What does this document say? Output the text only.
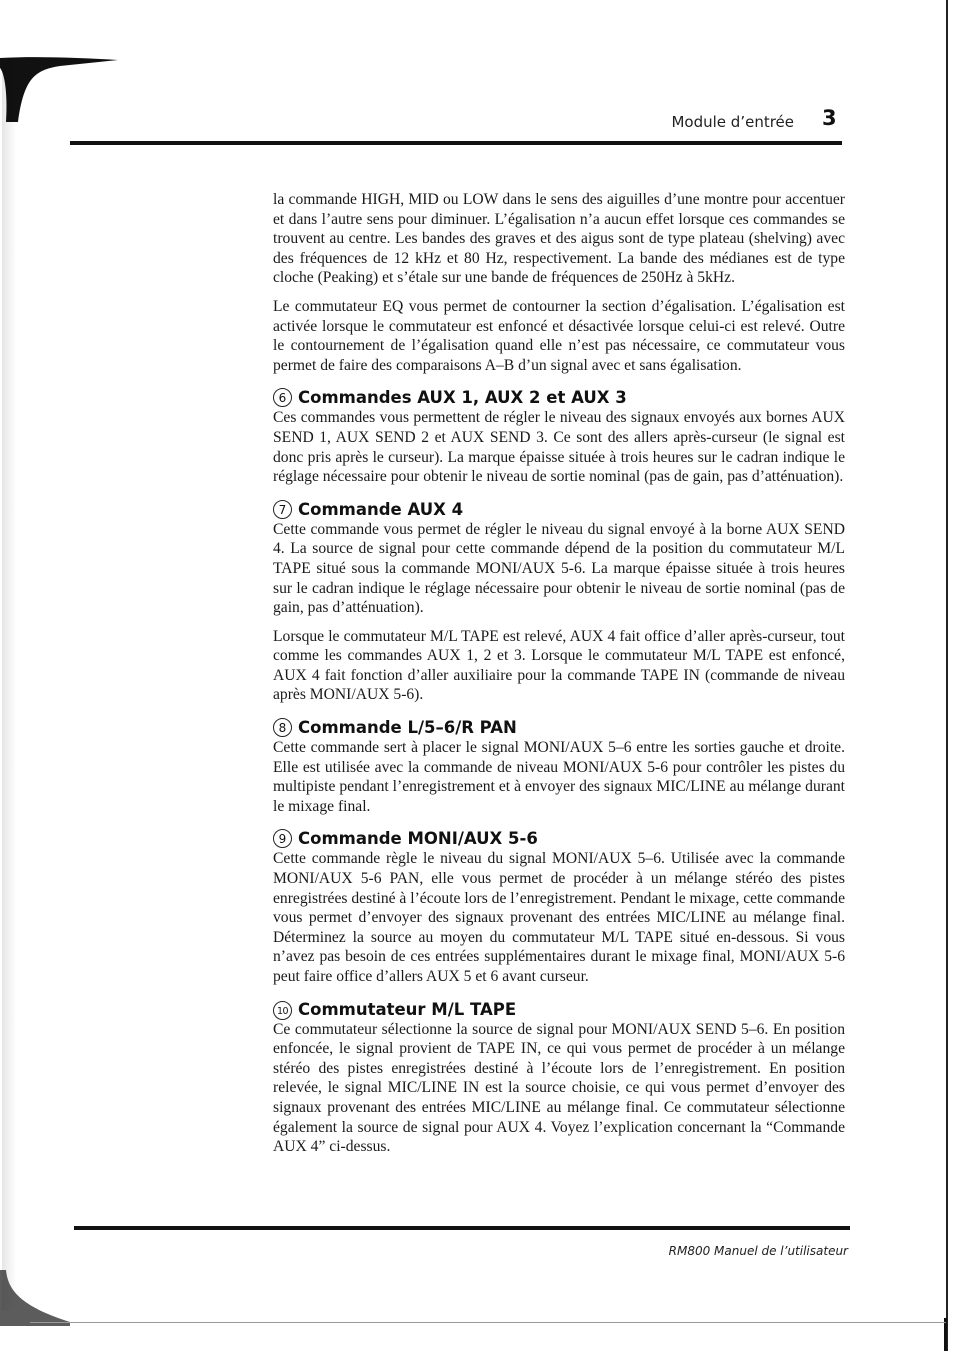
Module d’entrée 3

la commande HIGH, MID ou LOW dans le sens des aiguilles d’une montre pour accentuer et dans l’autre sens pour diminuer. L’égalisation n’a aucun effet lorsque ces commandes se trouvent au centre. Les bandes des graves et des aigus sont de type plateau (shelving) avec des fréquences de 12 kHz et 80 Hz, respectivement. La bande des médianes est de type cloche (Peaking) et s’étale sur une bande de fréquences de 250Hz à 5kHz.

Le commutateur EQ vous permet de contourner la section d’égalisation. L’égalisation est activée lorsque le commutateur est enfoncé et désactivée lorsque celui-ci est relevé. Outre le contournement de l’égalisation quand elle n’est pas nécessaire, ce commutateur vous permet de faire des comparaisons A–B d’un signal avec et sans égalisation.

6 Commandes AUX 1, AUX 2 et AUX 3

Ces commandes vous permettent de régler le niveau des signaux envoyés aux bornes AUX SEND 1, AUX SEND 2 et AUX SEND 3. Ce sont des allers après-curseur (le signal est donc pris après le curseur). La marque épaisse située à trois heures sur le cadran indique le réglage nécessaire pour obtenir le niveau de sortie nominal (pas de gain, pas d’atténuation).

7 Commande AUX 4

Cette commande vous permet de régler le niveau du signal envoyé à la borne AUX SEND 4. La source de signal pour cette commande dépend de la position du commutateur M/L TAPE situé sous la commande MONI/AUX 5-6. La marque épaisse située à trois heures sur le cadran indique le réglage nécessaire pour obtenir le niveau de sortie nominal (pas de gain, pas d’atténuation).

Lorsque le commutateur M/L TAPE est relevé, AUX 4 fait office d’aller après-curseur, tout comme les commandes AUX 1, 2 et 3. Lorsque le commutateur M/L TAPE est enfoncé, AUX 4 fait fonction d’aller auxiliaire pour la commande TAPE IN (commande de niveau après MONI/AUX 5-6).

8 Commande L/5–6/R PAN

Cette commande sert à placer le signal MONI/AUX 5–6 entre les sorties gauche et droite. Elle est utilisée avec la commande de niveau MONI/AUX 5-6 pour contrôler les pistes du multipiste pendant l’enregistrement et à envoyer des signaux MIC/LINE au mélange durant le mixage final.

9 Commande MONI/AUX 5-6

Cette commande règle le niveau du signal MONI/AUX 5–6. Utilisée avec la commande MONI/AUX 5-6 PAN, elle vous permet de procéder à un mélange stéréo des pistes enregistrées destiné à l’écoute lors de l’enregistrement. Pendant le mixage, cette commande vous permet d’envoyer des signaux provenant des entrées MIC/LINE au mélange final. Déterminez la source au moyen du commutateur M/L TAPE situé en-dessous. Si vous n’avez pas besoin de ces entrées supplémentaires durant le mixage final, MONI/AUX 5-6 peut faire office d’allers AUX 5 et 6 avant curseur.

10 Commutateur M/L TAPE

Ce commutateur sélectionne la source de signal pour MONI/AUX SEND 5–6. En position enfoncée, le signal provient de TAPE IN, ce qui vous permet de procéder à un mélange stéréo des pistes enregistrées destiné à l’écoute lors de l’enregistrement. En position relevée, le signal MIC/LINE IN est la source choisie, ce qui vous permet d’envoyer des signaux provenant des entrées MIC/LINE au mélange final. Ce commutateur sélectionne également la source de signal pour AUX 4. Voyez l’explication concernant la “Commande AUX 4” ci-dessus.

RM800 Manuel de l’utilisateur
